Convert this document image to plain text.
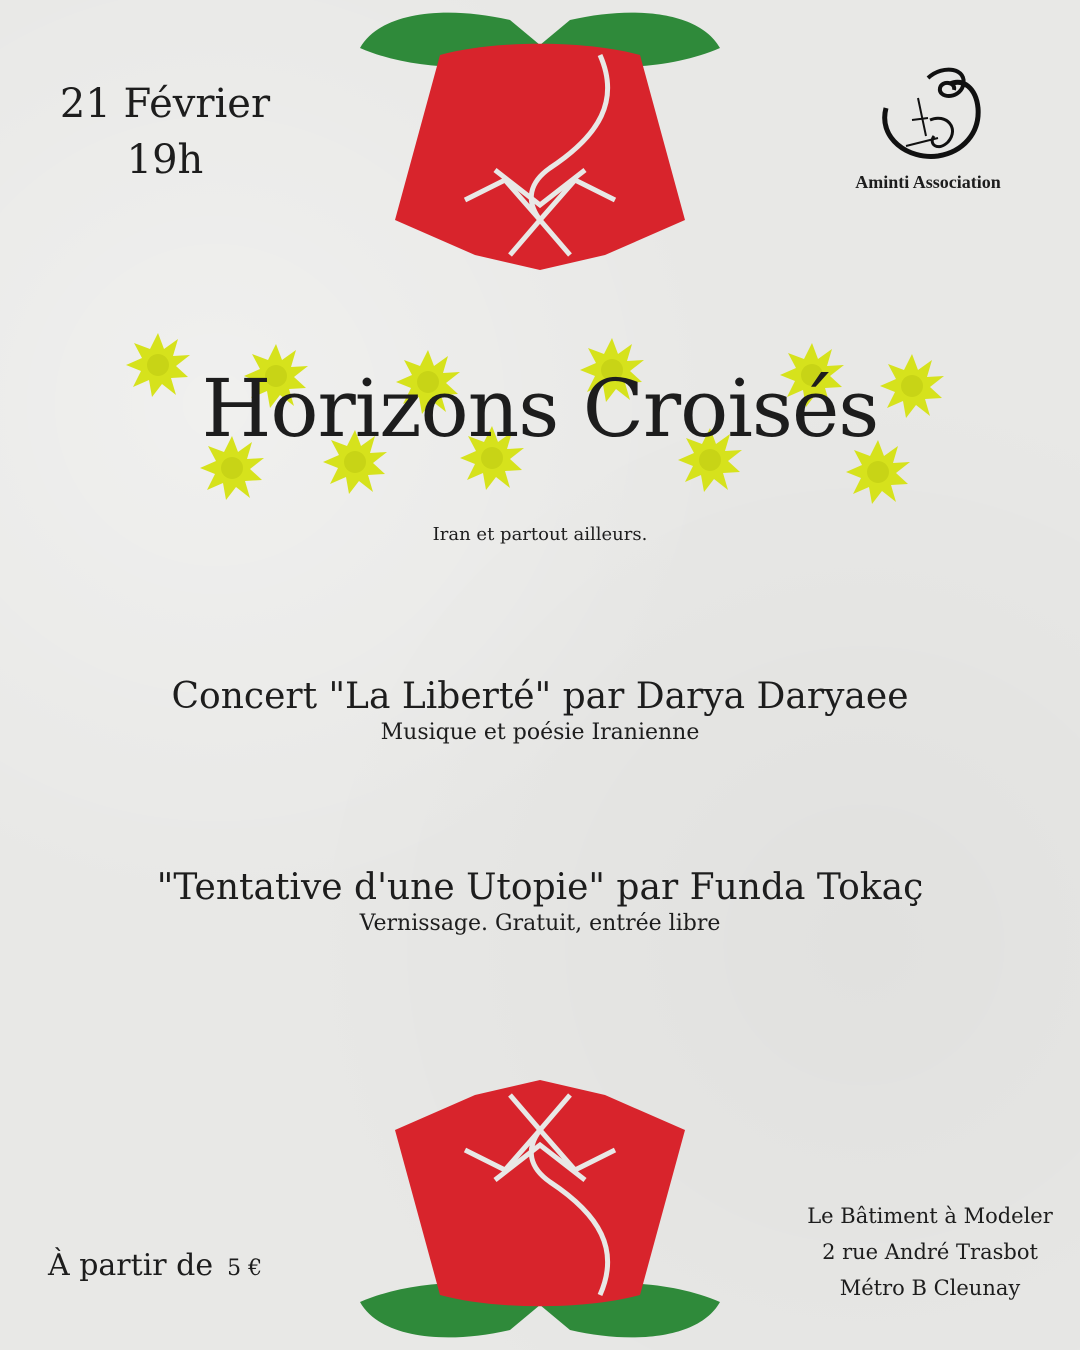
21 Février
19h	Aminti Association
Horizons Croisés
Iran et partout ailleurs.
Concert "La Liberté" par Darya Daryaee
Musique et poésie Iranienne
"Tentative d'une Utopie" par Funda Tokaç
Vernissage. Gratuit, entrée libre
À partir de 5 €
Le Bâtiment à Modeler
2 rue André Trasbot
Métro B Cleunay
